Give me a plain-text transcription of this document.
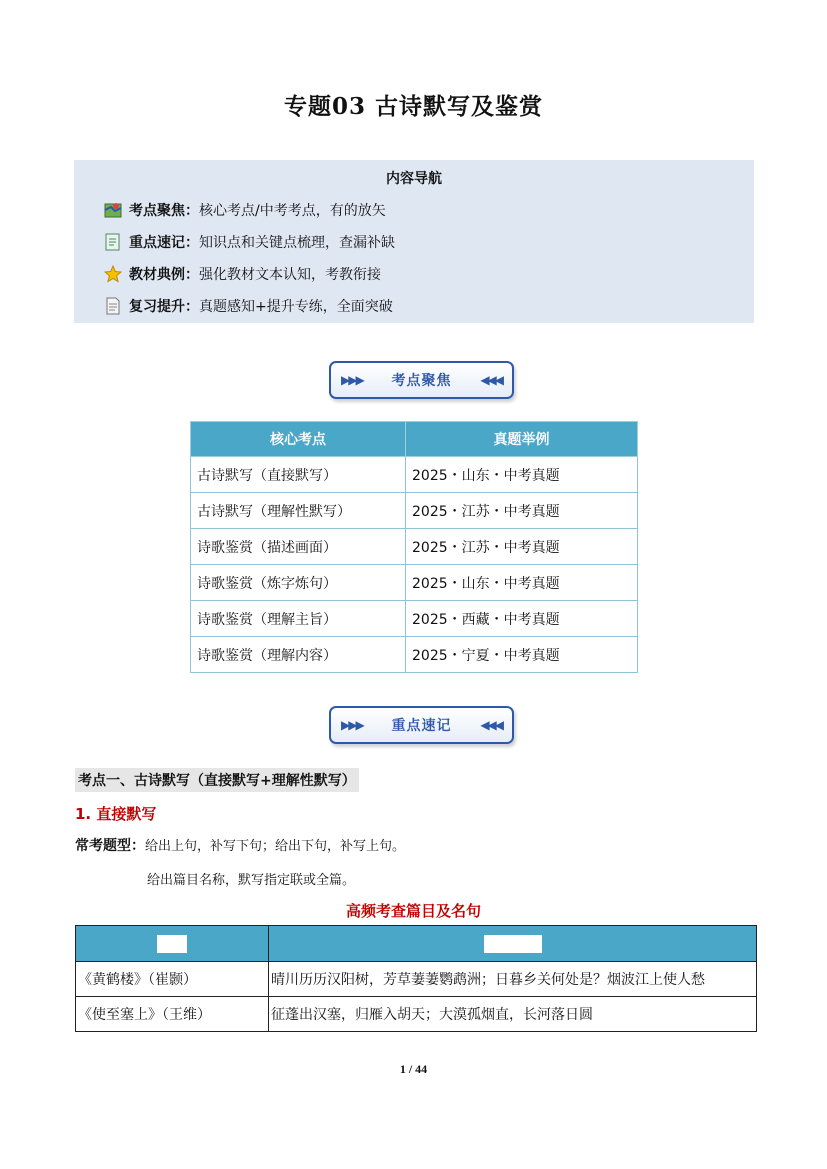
专题03 古诗默写及鉴赏
内容导航
考点聚焦 ： 核心考点/中考考点，有的放矢
重点速记 ： 知识点和关键点梳理，查漏补缺
教材典例 ： 强化教材文本认知，考教衔接
复习提升 ： 真题感知+提升专练，全面突破
▶▶▶ 考点聚焦 ◀◀◀
核心考点	真题举例
古诗默写（直接默写）	2025・山东・中考真题
古诗默写（理解性默写）	2025・江苏・中考真题
诗歌鉴赏（描述画面）	2025・江苏・中考真题
诗歌鉴赏（炼字炼句）	2025・山东・中考真题
诗歌鉴赏（理解主旨）	2025・西藏・中考真题
诗歌鉴赏（理解内容）	2025・宁夏・中考真题
▶▶▶ 重点速记 ◀◀◀
考点一、古诗默写（直接默写+理解性默写）
1. 直接默写
常考题型：给出上句，补写下句；给出下句，补写上句。
给出篇目名称，默写指定联或全篇。
高频考查篇目及名句
篇目	名句
《黄鹤楼》（崔颢）	晴川历历汉阳树，芳草萋萋鹦鹉洲；日暮乡关何处是？烟波江上使人愁
《使至塞上》（王维）	征蓬出汉塞，归雁入胡天；大漠孤烟直，长河落日圆
1 / 44
